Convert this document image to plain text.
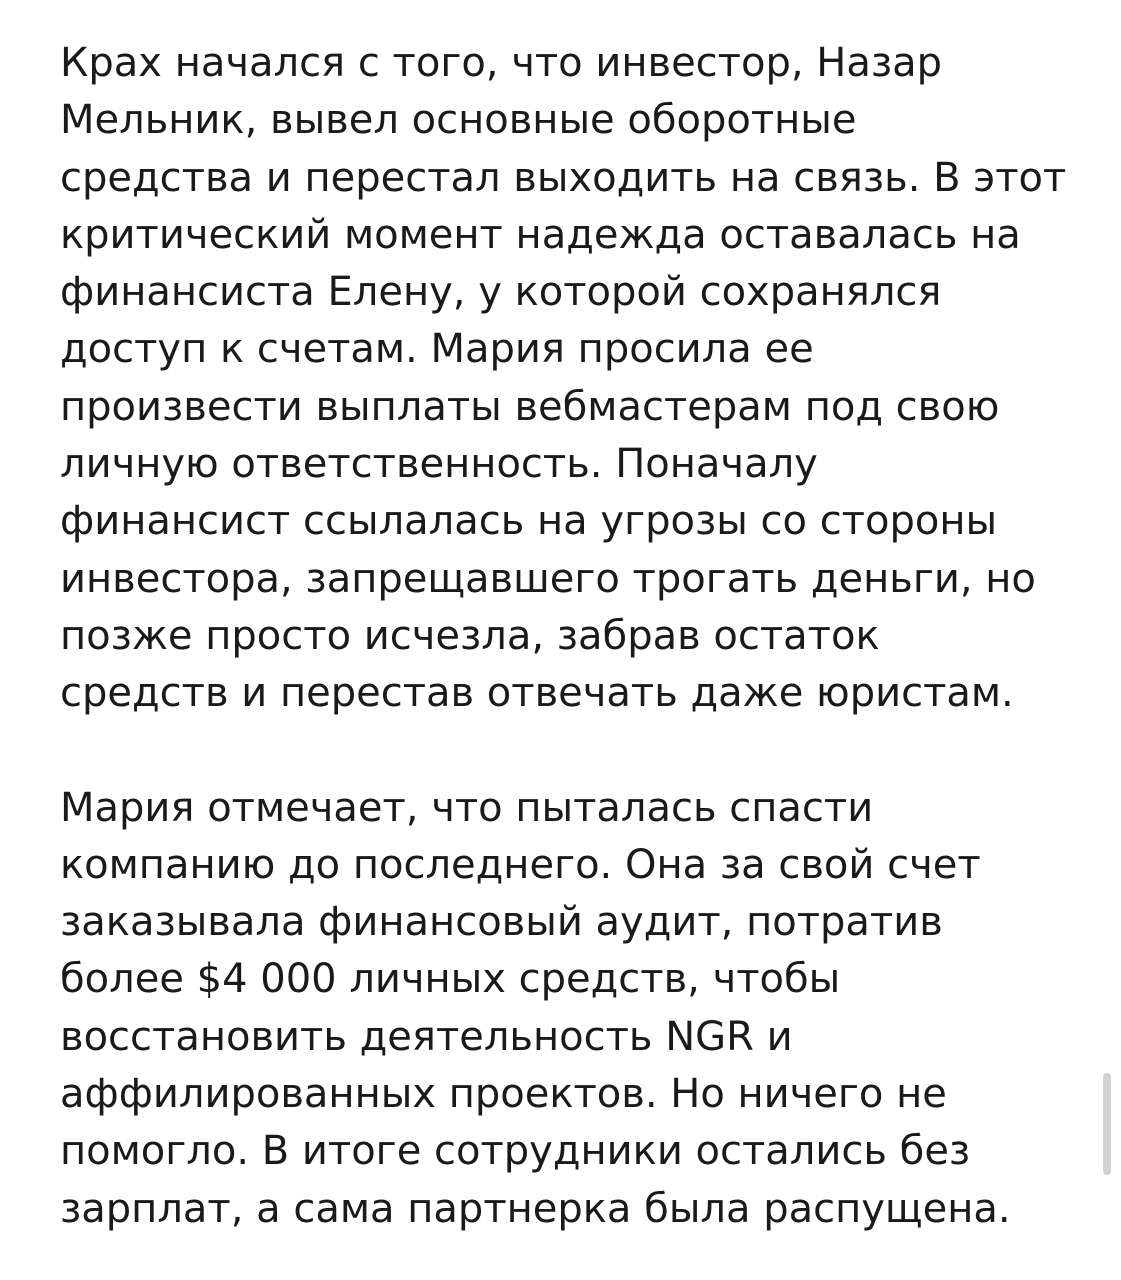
Крах начался с того, что инвестор, Назар
Мельник, вывел основные оборотные
средства и перестал выходить на связь. В этот
критический момент надежда оставалась на
финансиста Елену, у которой сохранялся
доступ к счетам. Мария просила ее
произвести выплаты вебмастерам под свою
личную ответственность. Поначалу
финансист ссылалась на угрозы со стороны
инвестора, запрещавшего трогать деньги, но
позже просто исчезла, забрав остаток
средств и перестав отвечать даже юристам.

Мария отмечает, что пыталась спасти
компанию до последнего. Она за свой счет
заказывала финансовый аудит, потратив
более $4 000 личных средств, чтобы
восстановить деятельность NGR и
аффилированных проектов. Но ничего не
помогло. В итоге сотрудники остались без
зарплат, а сама партнерка была распущена.
